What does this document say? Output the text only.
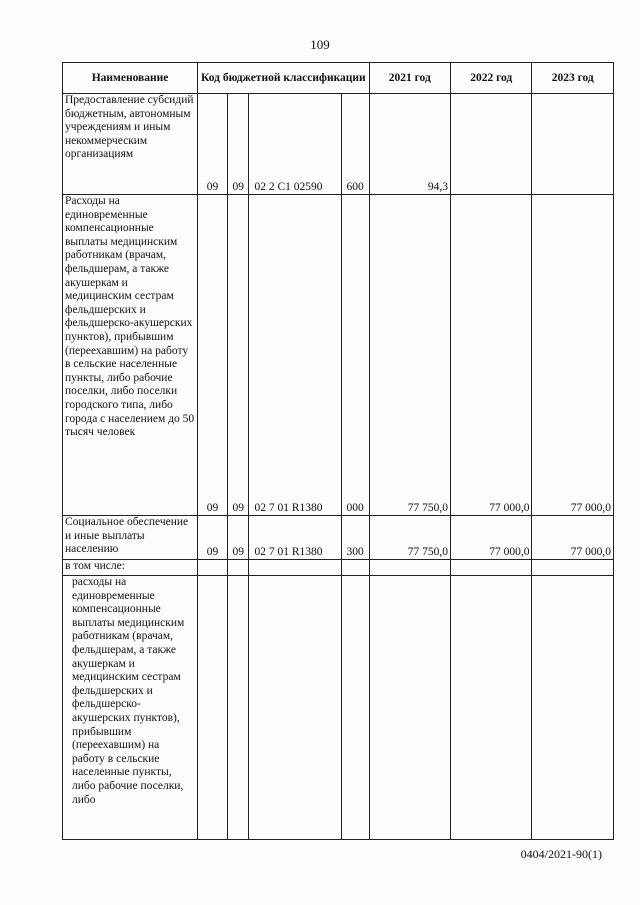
109
Наименование	Код бюджетной классификации				2021 год	2022 год	2023 год
Предоставление субсидий бюджетным, автономным учреждениям и иным некоммерческим организациям	09	09	02 2 С1 02590	600	94,3		
Расходы на единовременные компенсационные выплаты медицинским работникам (врачам, фельдшерам, а также акушеркам и медицинским сестрам фельдшерских и фельдшерско-акушерских пунктов), прибывшим (переехавшим) на работу в сельские населенные пункты, либо рабочие поселки, либо поселки городского типа, либо города с населением до 50 тысяч человек	09	09	02 7 01 R1380	000	77 750,0	77 000,0	77 000,0
Социальное обеспечение и иные выплаты населению	09	09	02 7 01 R1380	300	77 750,0	77 000,0	77 000,0
в том числе:							
расходы на единовременные компенсационные выплаты медицинским работникам (врачам, фельдшерам, а также акушеркам и медицинским сестрам фельдшерских и фельдшерско-акушерских пунктов), прибывшим (переехавшим) на работу в сельские населенные пункты, либо рабочие поселки, либо							
0404/2021-90(1)
